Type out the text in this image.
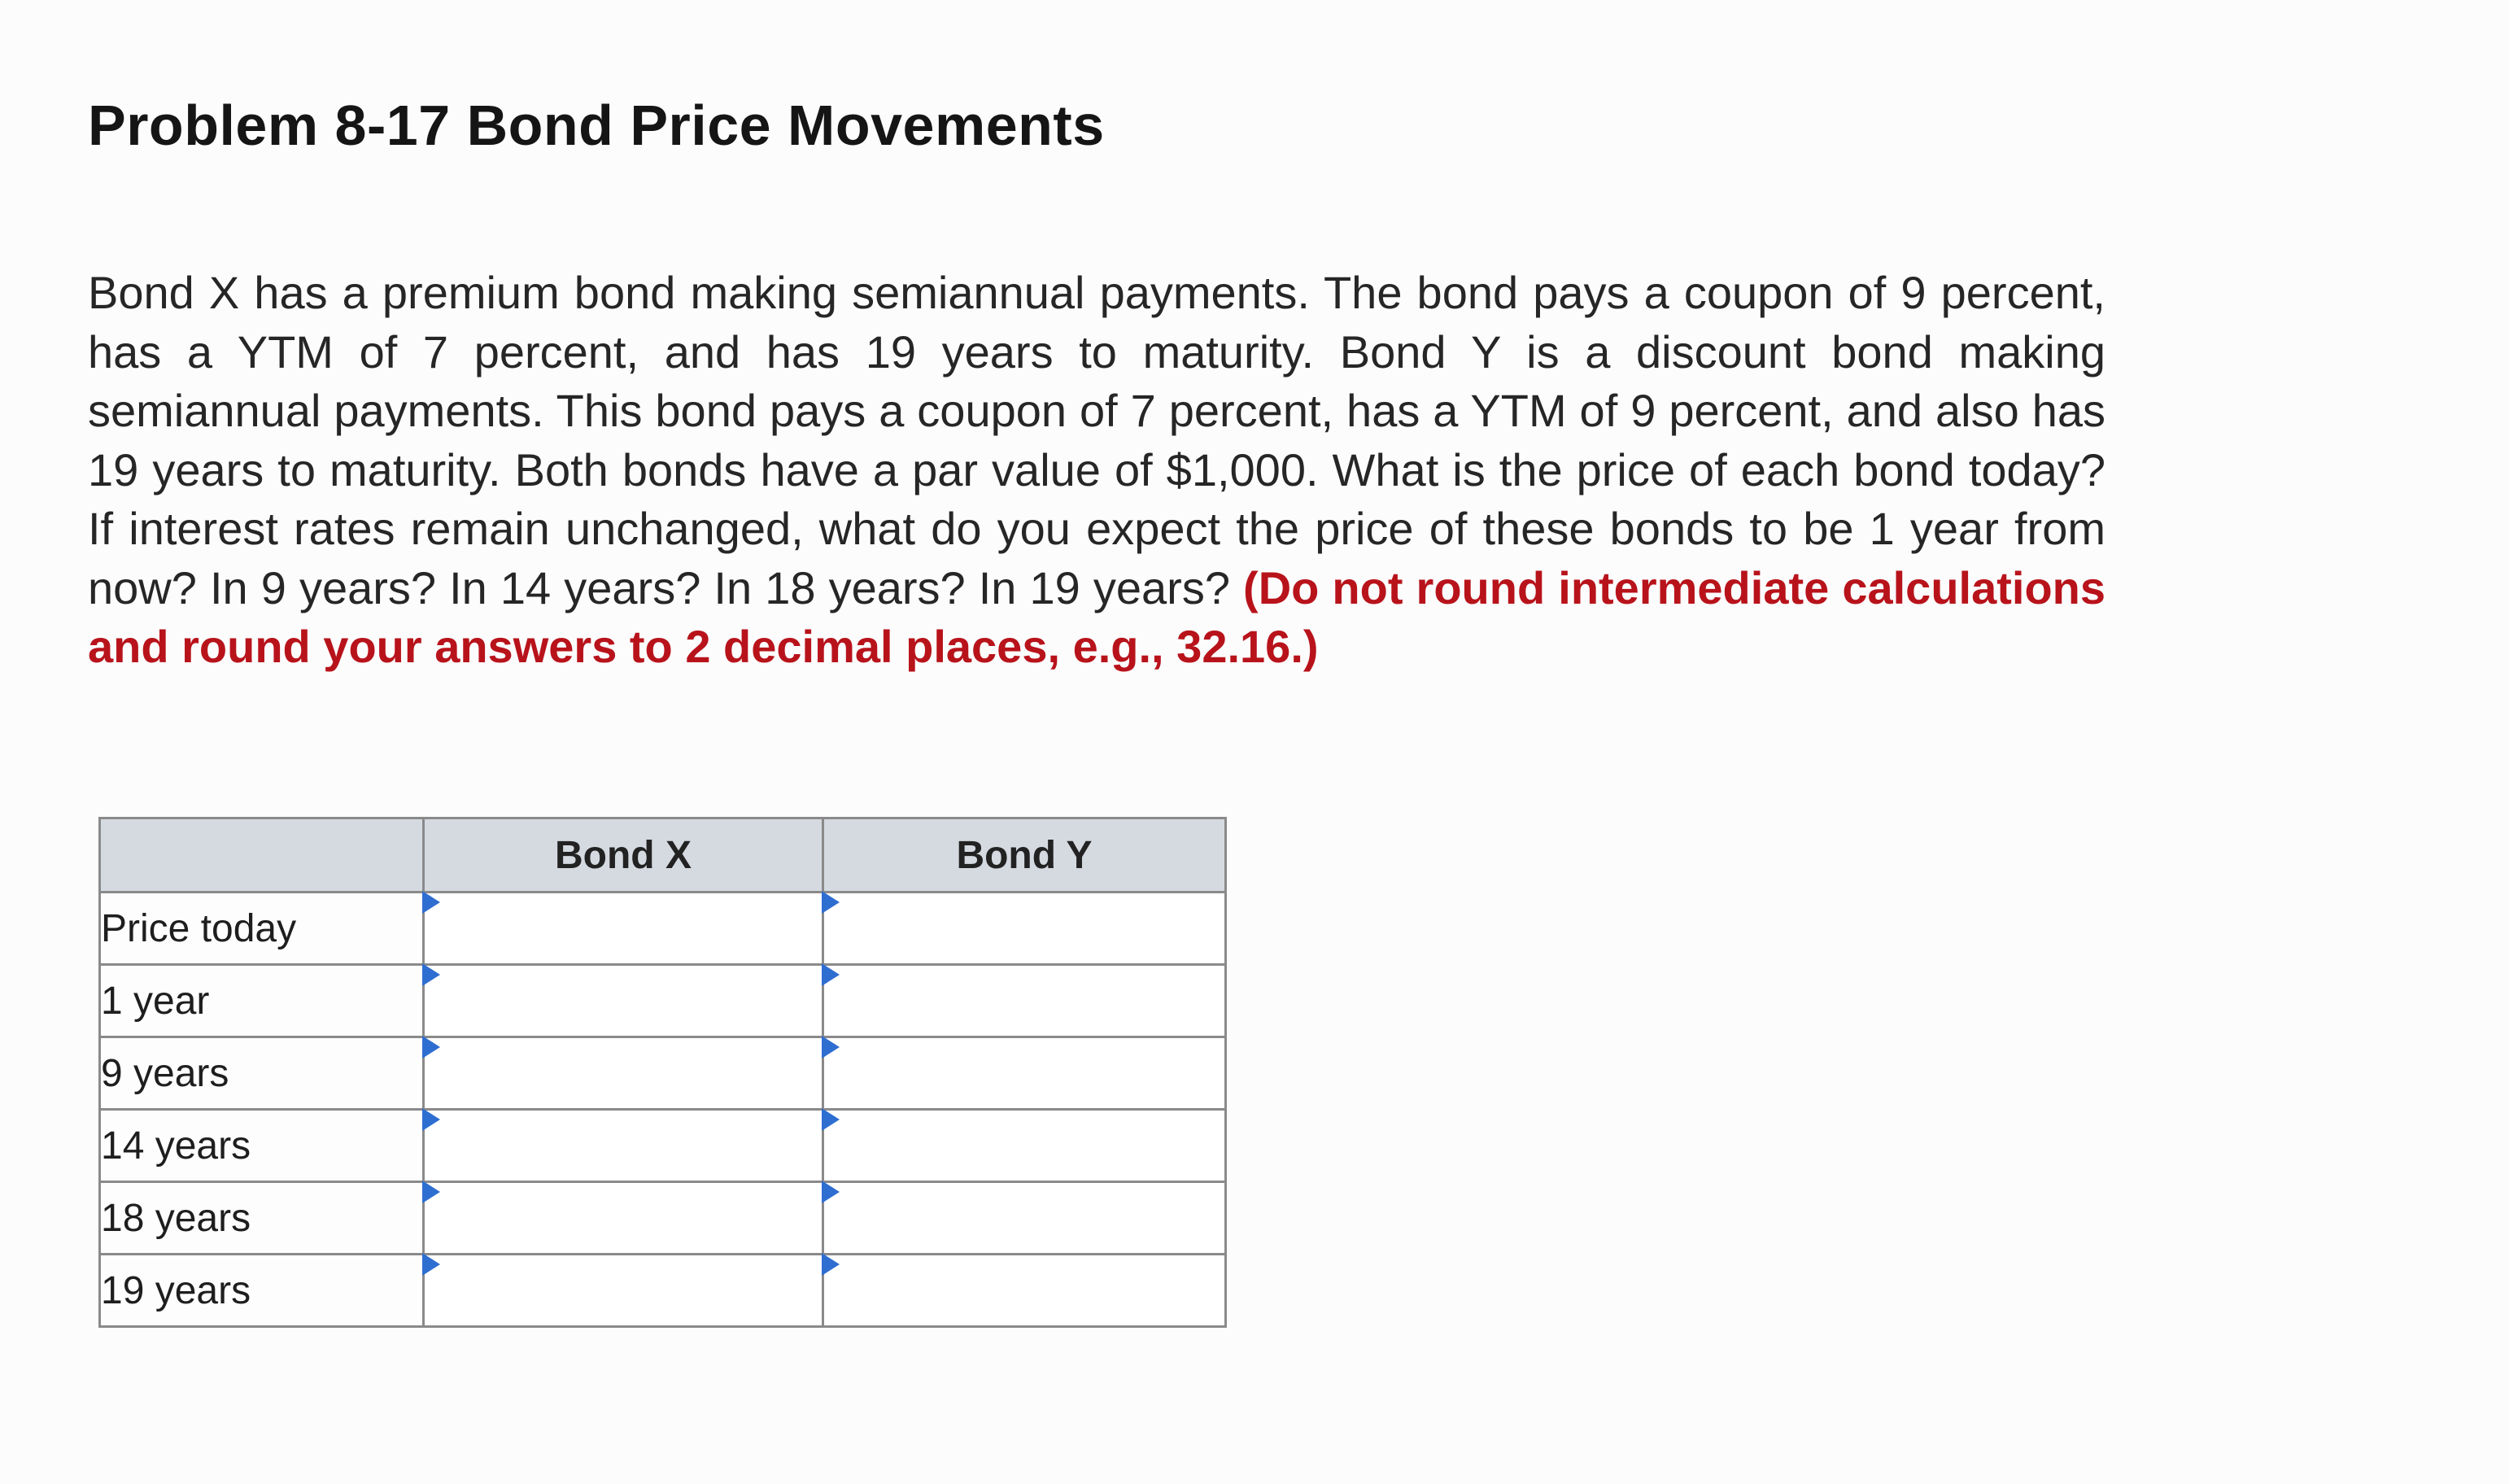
Problem 8-17 Bond Price Movements
Bond X has a premium bond making semiannual payments. The bond pays a coupon of 9 percent, has a YTM of 7 percent, and has 19 years to maturity. Bond Y is a discount bond making semiannual payments. This bond pays a coupon of 7 percent, has a YTM of 9 percent, and also has 19 years to maturity. Both bonds have a par value of $1,000. What is the price of each bond today? If interest rates remain unchanged, what do you expect the price of these bonds to be 1 year from now? In 9 years? In 14 years? In 18 years? In 19 years? (Do not round intermediate calculations and round your answers to 2 decimal places, e.g., 32.16.)
	Bond X	Bond Y
Price today	

1 year	

9 years	

14 years	

18 years	

19 years	
